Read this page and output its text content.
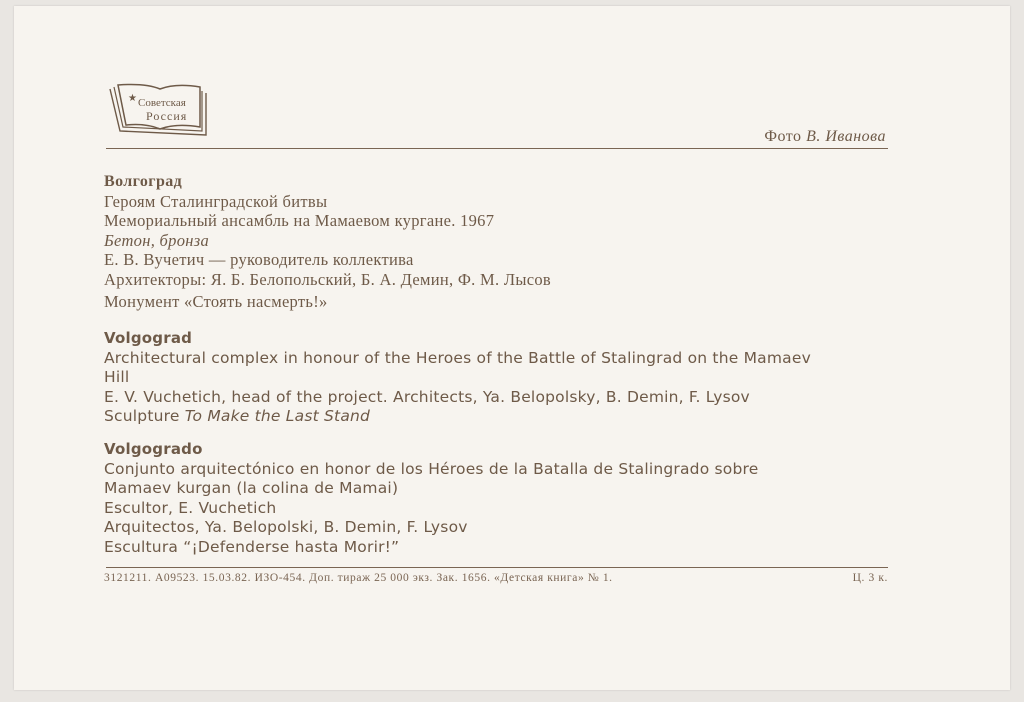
★ Советская
Россия
Фото В. Иванова
Волгоград
Героям Сталинградской битвы
Мемориальный ансамбль на Мамаевом кургане. 1967
Бетон, бронза
Е. В. Вучетич — руководитель коллектива
Архитекторы: Я. Б. Белопольский, Б. А. Демин, Ф. М. Лысов
Монумент «Стоять насмерть!»
Volgograd
Architectural complex in honour of the Heroes of the Battle of Stalingrad on the Mamaev
Hill
E. V. Vuchetich, head of the project. Architects, Ya. Belopolsky, B. Demin, F. Lysov
Sculpture To Make the Last Stand
Volgogrado
Conjunto arquitectónico en honor de los Héroes de la Batalla de Stalingrado sobre
Mamaev kurgan (la colina de Mamai)
Escultor, E. Vuchetich
Arquitectos, Ya. Belopolski, B. Demin, F. Lysov
Escultura “¡Defenderse hasta Morir!”
3121211. А09523. 15.03.82. ИЗО-454. Доп. тираж 25 000 экз. Зак. 1656. «Детская книга» № 1.	Ц. 3 к.
